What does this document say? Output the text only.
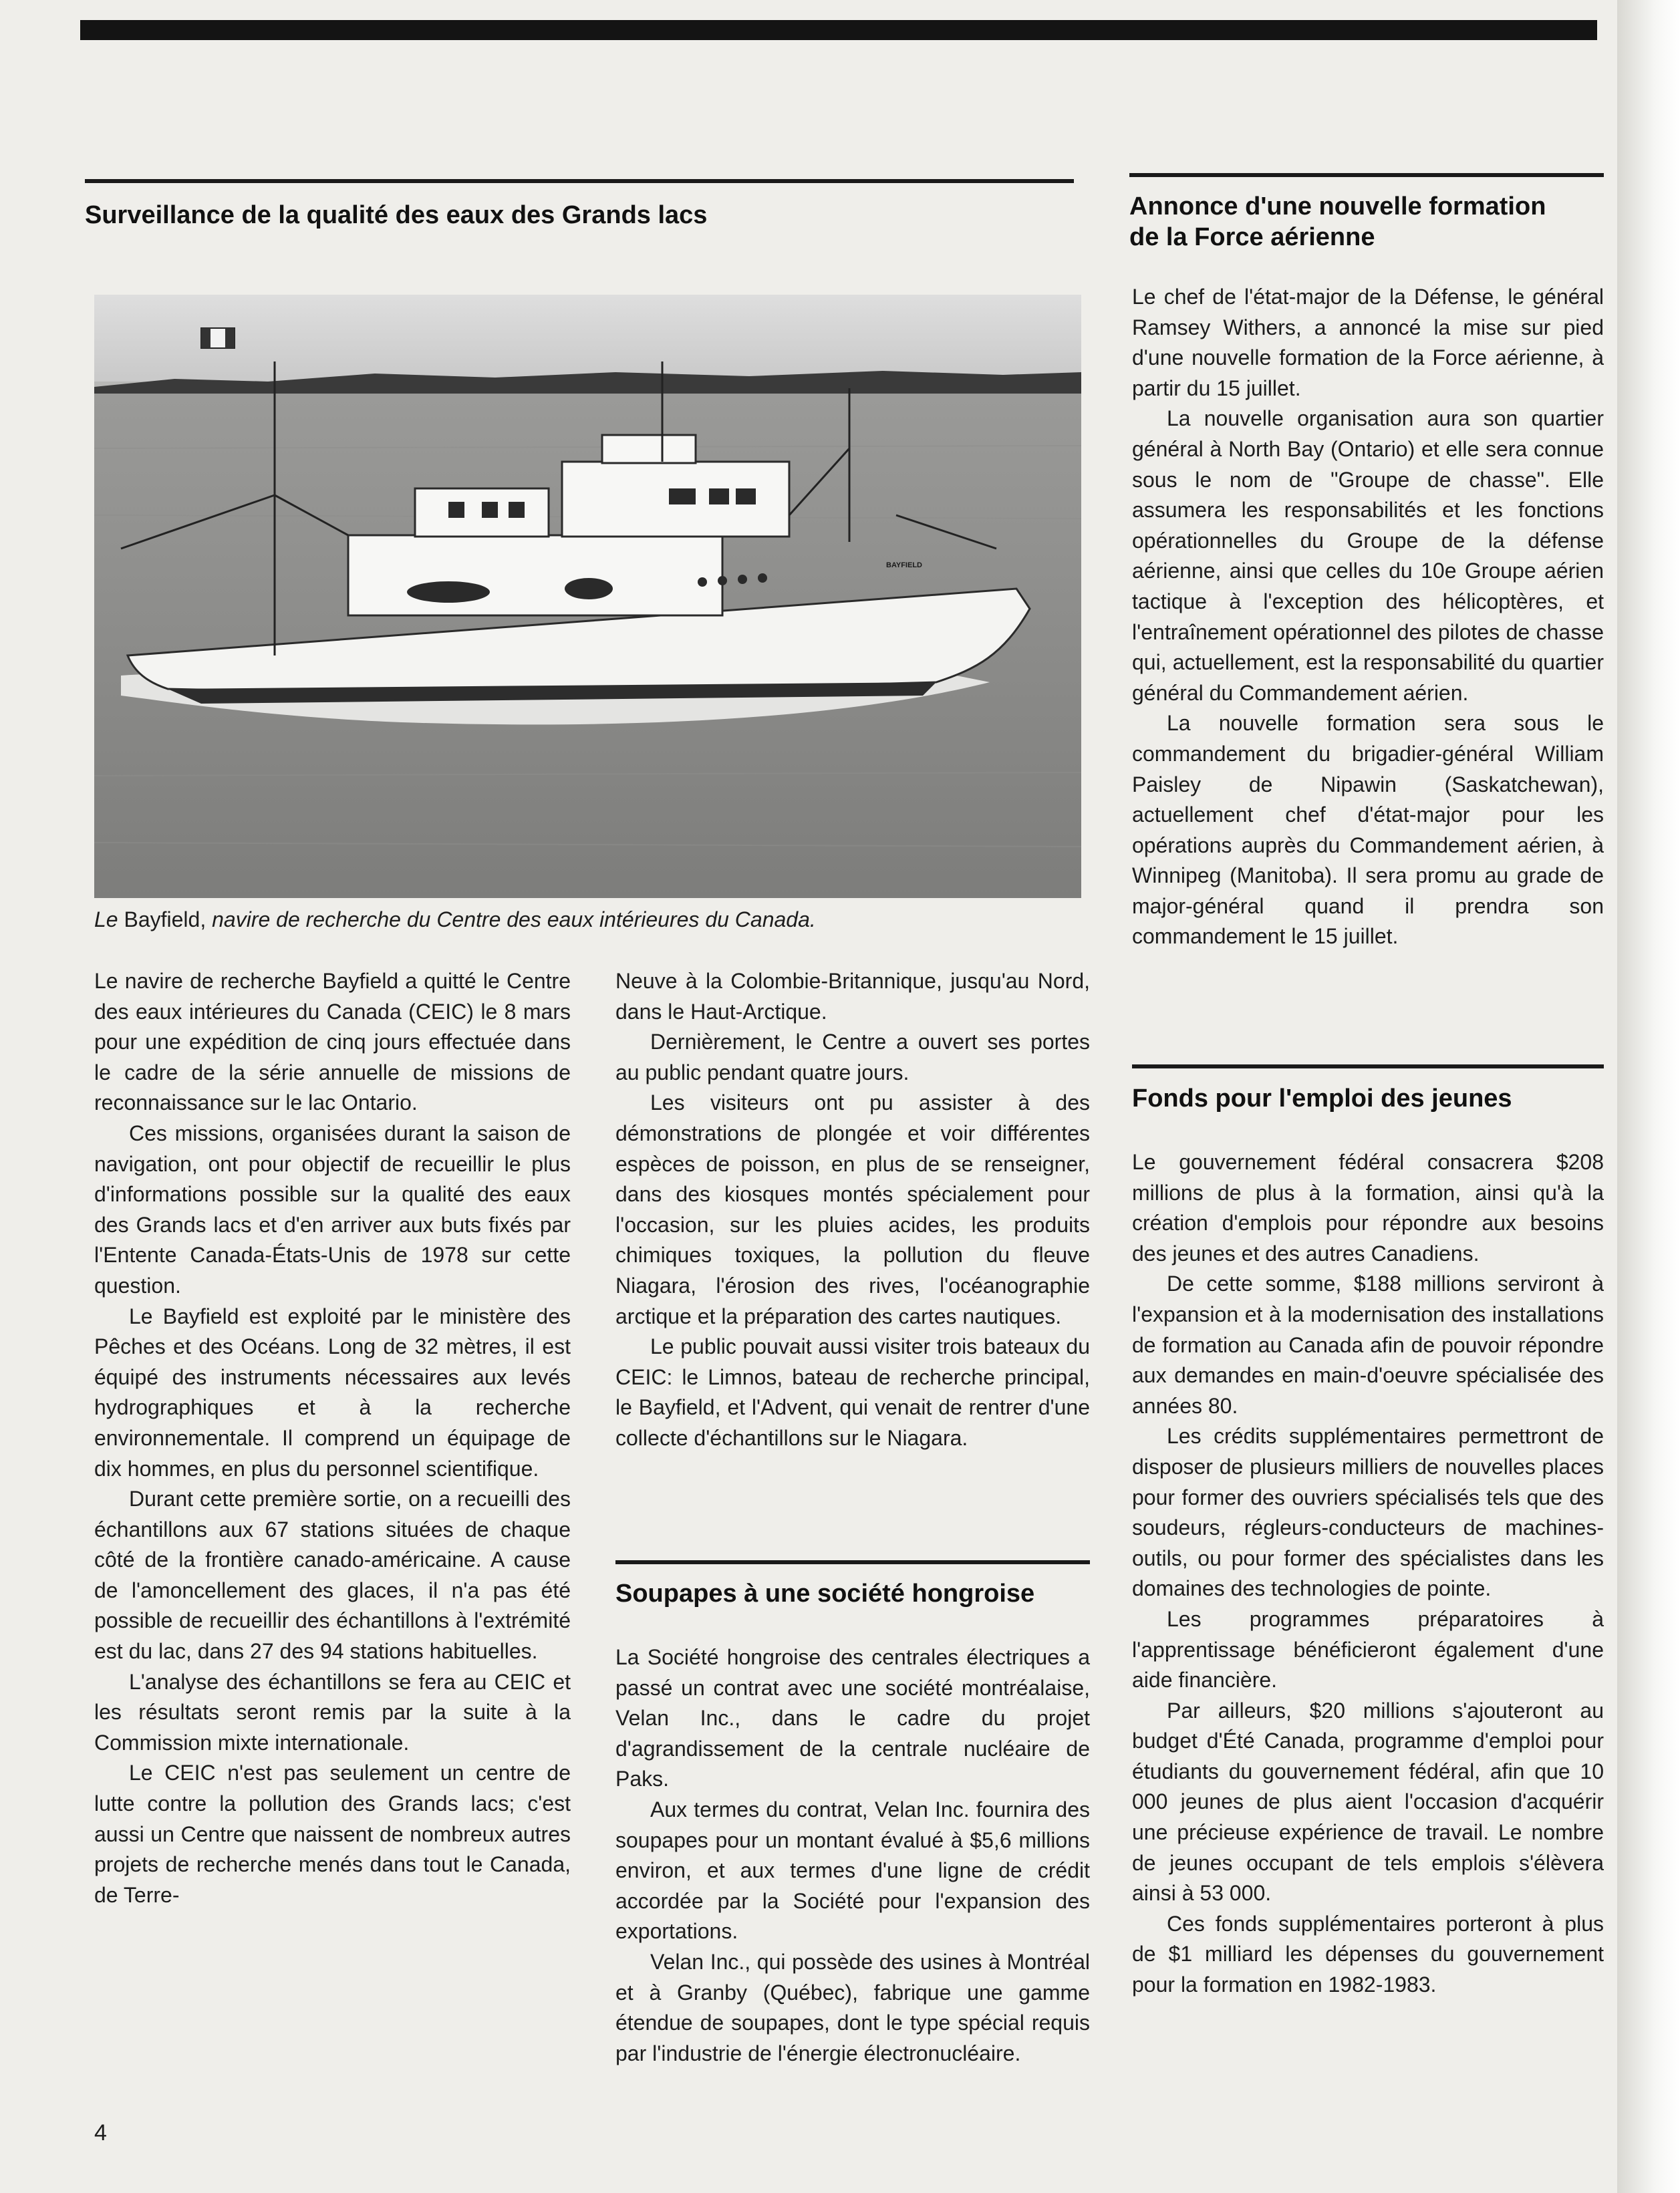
Surveillance de la qualité des eaux des Grands lacs
BAYFIELD
Le Bayfield, navire de recherche du Centre des eaux intérieures du Canada.

Le navire de recherche Bayfield a quitté le Centre des eaux intérieures du Canada (CEIC) le 8 mars pour une expédition de cinq jours effectuée dans le cadre de la série annuelle de missions de reconnaissance sur le lac Ontario.

Ces missions, organisées durant la saison de navigation, ont pour objectif de recueillir le plus d'informations possible sur la qualité des eaux des Grands lacs et d'en arriver aux buts fixés par l'Entente Canada-États-Unis de 1978 sur cette question.

Le Bayfield est exploité par le ministère des Pêches et des Océans. Long de 32 mètres, il est équipé des instruments nécessaires aux levés hydrographiques et à la recherche environnementale. Il comprend un équipage de dix hommes, en plus du personnel scientifique.

Durant cette première sortie, on a recueilli des échantillons aux 67 stations situées de chaque côté de la frontière canado-américaine. A cause de l'amoncellement des glaces, il n'a pas été possible de recueillir des échantillons à l'extrémité est du lac, dans 27 des 94 stations habituelles.

L'analyse des échantillons se fera au CEIC et les résultats seront remis par la suite à la Commission mixte internationale.

Le CEIC n'est pas seulement un centre de lutte contre la pollution des Grands lacs; c'est aussi un Centre que naissent de nombreux autres projets de recherche menés dans tout le Canada, de Terre-

Neuve à la Colombie-Britannique, jusqu'au Nord, dans le Haut-Arctique.

Dernièrement, le Centre a ouvert ses portes au public pendant quatre jours.

Les visiteurs ont pu assister à des démonstrations de plongée et voir différentes espèces de poisson, en plus de se renseigner, dans des kiosques montés spécialement pour l'occasion, sur les pluies acides, les produits chimiques toxiques, la pollution du fleuve Niagara, l'érosion des rives, l'océanographie arctique et la préparation des cartes nautiques.

Le public pouvait aussi visiter trois bateaux du CEIC: le Limnos, bateau de recherche principal, le Bayfield, et l'Advent, qui venait de rentrer d'une collecte d'échantillons sur le Niagara.

Soupapes à une société hongroise

La Société hongroise des centrales électriques a passé un contrat avec une société montréalaise, Velan Inc., dans le cadre du projet d'agrandissement de la centrale nucléaire de Paks.

Aux termes du contrat, Velan Inc. fournira des soupapes pour un montant évalué à $5,6 millions environ, et aux termes d'une ligne de crédit accordée par la Société pour l'expansion des exportations.

Velan Inc., qui possède des usines à Montréal et à Granby (Québec), fabrique une gamme étendue de soupapes, dont le type spécial requis par l'industrie de l'énergie électronucléaire.

Annonce d'une nouvelle formation
de la Force aérienne

Le chef de l'état-major de la Défense, le général Ramsey Withers, a annoncé la mise sur pied d'une nouvelle formation de la Force aérienne, à partir du 15 juillet.

La nouvelle organisation aura son quartier général à North Bay (Ontario) et elle sera connue sous le nom de "Groupe de chasse". Elle assumera les responsabilités et les fonctions opérationnelles du Groupe de la défense aérienne, ainsi que celles du 10e Groupe aérien tactique à l'exception des hélicoptères, et l'entraînement opérationnel des pilotes de chasse qui, actuellement, est la responsabilité du quartier général du Commandement aérien.

La nouvelle formation sera sous le commandement du brigadier-général William Paisley de Nipawin (Saskatchewan), actuellement chef d'état-major pour les opérations auprès du Commandement aérien, à Winnipeg (Manitoba). Il sera promu au grade de major-général quand il prendra son commandement le 15 juillet.

Fonds pour l'emploi des jeunes

Le gouvernement fédéral consacrera $208 millions de plus à la formation, ainsi qu'à la création d'emplois pour répondre aux besoins des jeunes et des autres Canadiens.

De cette somme, $188 millions serviront à l'expansion et à la modernisation des installations de formation au Canada afin de pouvoir répondre aux demandes en main-d'oeuvre spécialisée des années 80.

Les crédits supplémentaires permettront de disposer de plusieurs milliers de nouvelles places pour former des ouvriers spécialisés tels que des soudeurs, régleurs-conducteurs de machines-outils, ou pour former des spécialistes dans les domaines des technologies de pointe.

Les programmes préparatoires à l'apprentissage bénéficieront également d'une aide financière.

Par ailleurs, $20 millions s'ajouteront au budget d'Été Canada, programme d'emploi pour étudiants du gouvernement fédéral, afin que 10 000 jeunes de plus aient l'occasion d'acquérir une précieuse expérience de travail. Le nombre de jeunes occupant de tels emplois s'élèvera ainsi à 53 000.

Ces fonds supplémentaires porteront à plus de $1 milliard les dépenses du gouvernement pour la formation en 1982-1983.

4
